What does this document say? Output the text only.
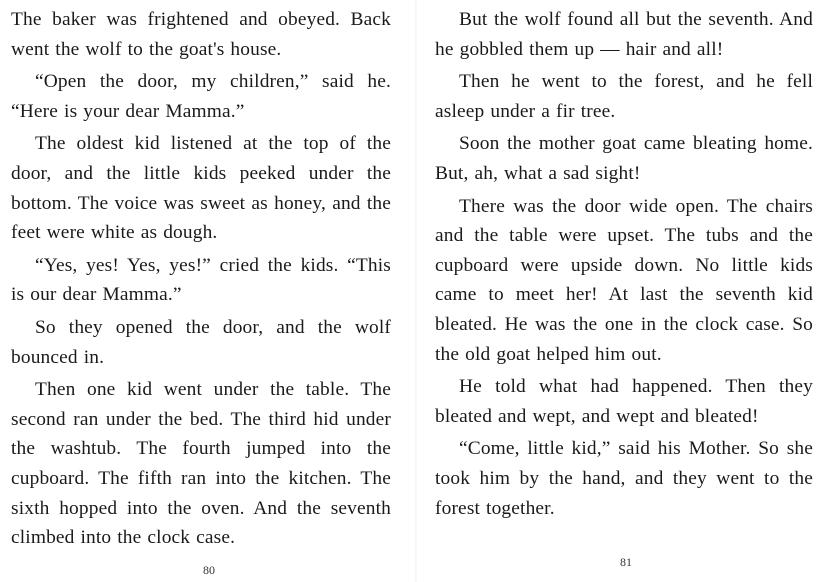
The baker was frightened and obeyed. Back went the wolf to the goat's house.

“Open the door, my children,” said he. “Here is your dear Mamma.”

The oldest kid listened at the top of the door, and the little kids peeked under the bottom. The voice was sweet as honey, and the feet were white as dough.

“Yes, yes! Yes, yes!” cried the kids. “This is our dear Mamma.”

So they opened the door, and the wolf bounced in.

Then one kid went under the table. The second ran under the bed. The third hid under the washtub. The fourth jumped into the cupboard. The fifth ran into the kitchen. The sixth hopped into the oven. And the seventh climbed into the clock case.

80

But the wolf found all but the seventh. And he gobbled them up — hair and all!

Then he went to the forest, and he fell asleep under a fir tree.

Soon the mother goat came bleating home. But, ah, what a sad sight!

There was the door wide open. The chairs and the table were upset. The tubs and the cupboard were upside down. No little kids came to meet her! At last the seventh kid bleated. He was the one in the clock case. So the old goat helped him out.

He told what had happened. Then they bleated and wept, and wept and bleated!

“Come, little kid,” said his Mother. So she took him by the hand, and they went to the forest together.

81
